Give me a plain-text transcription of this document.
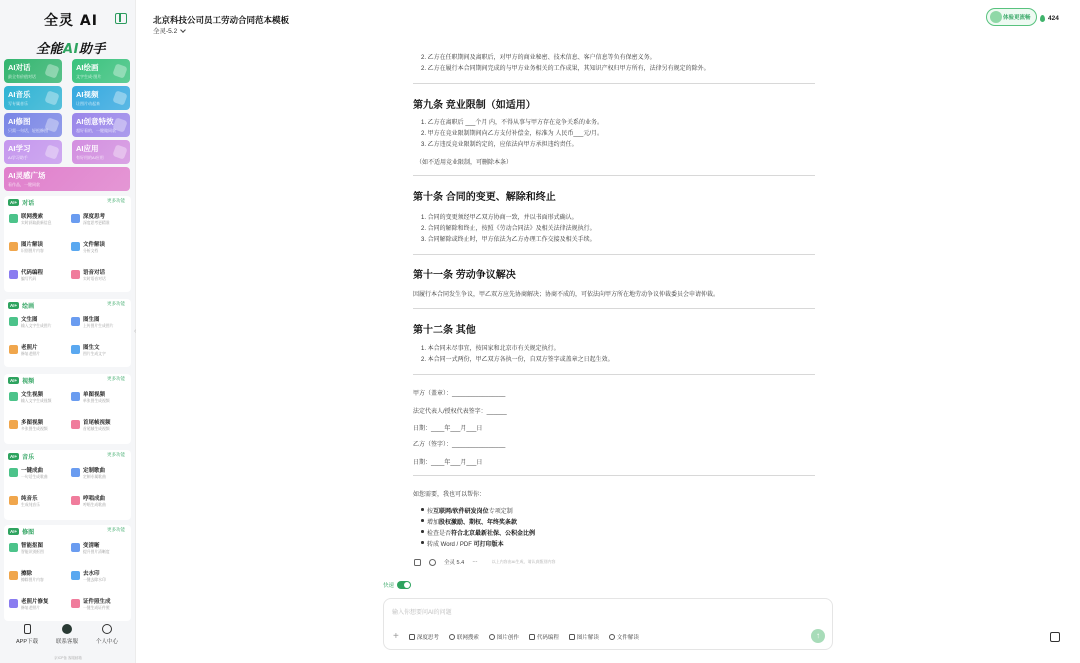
全灵 AI
全能AI助手
AI对话
最全有价值对话
AI绘画
文字生成·图片
AI音乐
写专属音乐
AI视频
让图片动起来
AI修图
只需一句话，轻松修图
AI创意特效
超好看的，一键做同款
AI学习
AI学习助手
AI应用
有好用的AI应用
AI灵感广场
看作品，一键同款
AI+ 对话	更多功能
联网搜索
实时获取最新信息
深度思考
深度思考更精准
图片解读
识别图片内容
文件解读
分析文档
代码编程
编写代码
语音对话
实时语音对话
AI+ 绘画	更多功能
文生图
输入文字生成图片
图生图
上传图片生成图片
老照片
修复老照片
图生文
图片生成文字
AI+ 视频	更多功能
文生视频
输入文字生成视频
单图视频
单张图生成视频
多图视频
多张图生成视频
首尾帧视频
首尾帧生成视频
AI+ 音乐	更多功能
一键成曲
一句话生成歌曲
定制歌曲
定制专属歌曲
纯音乐
生成纯音乐
哼唱成曲
哼唱生成歌曲
AI+ 修图	更多功能
智能抠图
智能识别抠图
变清晰
提升图片清晰度
擦除
擦除图片内容
去水印
一键去除水印
老照片修复
修复老照片
证件照生成
一键生成证件照
APP下载	联系客服	个人中心
京ICP备 客服邮箱
‹
北京科技公司员工劳动合同范本模板
全灵-5.2
体验更流畅	424
2. 乙方在任职期间及离职后，对甲方的商业秘密、技术信息、客户信息等负有保密义务。
2. 乙方在履行本合同期间完成的与甲方业务相关的工作成果，其知识产权归甲方所有，法律另有规定的除外。
第九条 竞业限制（如适用）
1. 乙方在离职后 ___个月 内，不得从事与甲方存在竞争关系的业务。
2. 甲方在竞业限制期间向乙方支付补偿金，标准为 人民币___元/月。
3. 乙方违反竞业限制约定的，应依法向甲方承担违约责任。
（如不适用竞业限制，可删除本条）
第十条 合同的变更、解除和终止
1. 合同的变更须经甲乙双方协商一致，并以书面形式确认。
2. 合同的解除和终止，按照《劳动合同法》及相关法律法规执行。
3. 合同解除或终止时，甲方依法为乙方办理工作交接及相关手续。
第十一条 劳动争议解决
因履行本合同发生争议，甲乙双方应先协商解决；协商不成的，可依法向甲方所在地劳动争议仲裁委员会申请仲裁。
第十二条 其他
1. 本合同未尽事宜，按国家和北京市有关规定执行。
2. 本合同一式两份，甲乙双方各执一份，自双方签字或盖章之日起生效。
甲方（盖章）：________________
法定代表人/授权代表签字：______
日期：____年___月___日
乙方（签字）：________________
日期：____年___月___日
如您需要，我也可以帮你：
按互联网/软件研发岗位专项定制
增加股权激励、期权、年终奖条款
检查是否符合北京最新社保、公积金比例
转成 Word / PDF 可打印版本
全灵 5.4 ···	以上内容由AI生成，请认真甄别内容
快速
输入你想要问AI的问题
+	深度思考	联网搜索	图片创作	代码编程	图片解读	文件解读	↑
